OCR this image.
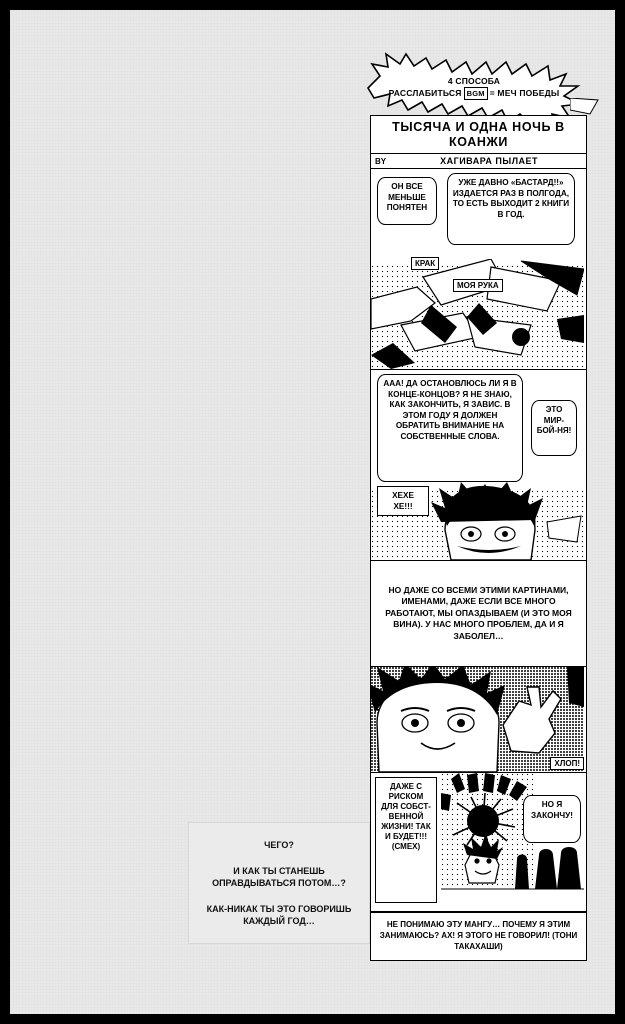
4 СПОСОБА
РАССЛАБИТЬСЯ BGM = МЕЧ ПОБЕДЫ
ТЫСЯЧА И ОДНА НОЧЬ В
КОАНЖИ
BY	ХАГИВАРА ПЫЛАЕТ
ОН ВСЕ МЕНЬШЕ ПОНЯТЕН
УЖЕ ДАВНО «БАСТАРД!!» ИЗДАЕТСЯ РАЗ В ПОЛГОДА, ТО ЕСТЬ ВЫХОДИТ 2 КНИГИ В ГОД.
КРАК
МОЯ РУКА
ААА! ДА ОСТАНОВЛЮСЬ ЛИ Я В КОНЦЕ-КОНЦОВ? Я НЕ ЗНАЮ, КАК ЗАКОНЧИТЬ, Я ЗАВИС. В ЭТОМ ГОДУ Я ДОЛЖЕН ОБРАТИТЬ ВНИМАНИЕ НА СОБСТВЕННЫЕ СЛОВА.
ЭТО МИР-БОЙ-НЯ!
ХЕХЕ ХЕ!!!
НО ДАЖЕ СО ВСЕМИ ЭТИМИ КАРТИНАМИ, ИМЕНАМИ, ДАЖЕ ЕСЛИ ВСЕ МНОГО РАБОТАЮТ, МЫ ОПАЗДЫВАЕМ (И ЭТО МОЯ ВИНА). У НАС МНОГО ПРОБЛЕМ, ДА И Я ЗАБОЛЕЛ…
ХЛОП!
ДАЖЕ С РИСКОМ ДЛЯ СОБСТ-ВЕННОЙ ЖИЗНИ! ТАК И БУДЕТ!!! (СМЕХ)
НО Я ЗАКОНЧУ!
НЕ ПОНИМАЮ ЭТУ МАНГУ… ПОЧЕМУ Я ЭТИМ ЗАНИМАЮСЬ? АХ! Я ЭТОГО НЕ ГОВОРИЛ! (ТОНИ ТАКАХАШИ)
ЧЕГО?
И КАК ТЫ СТАНЕШЬ
ОПРАВДЫВАТЬСЯ ПОТОМ…?
КАК-НИКАК ТЫ ЭТО ГОВОРИШЬ КАЖДЫЙ ГОД…
